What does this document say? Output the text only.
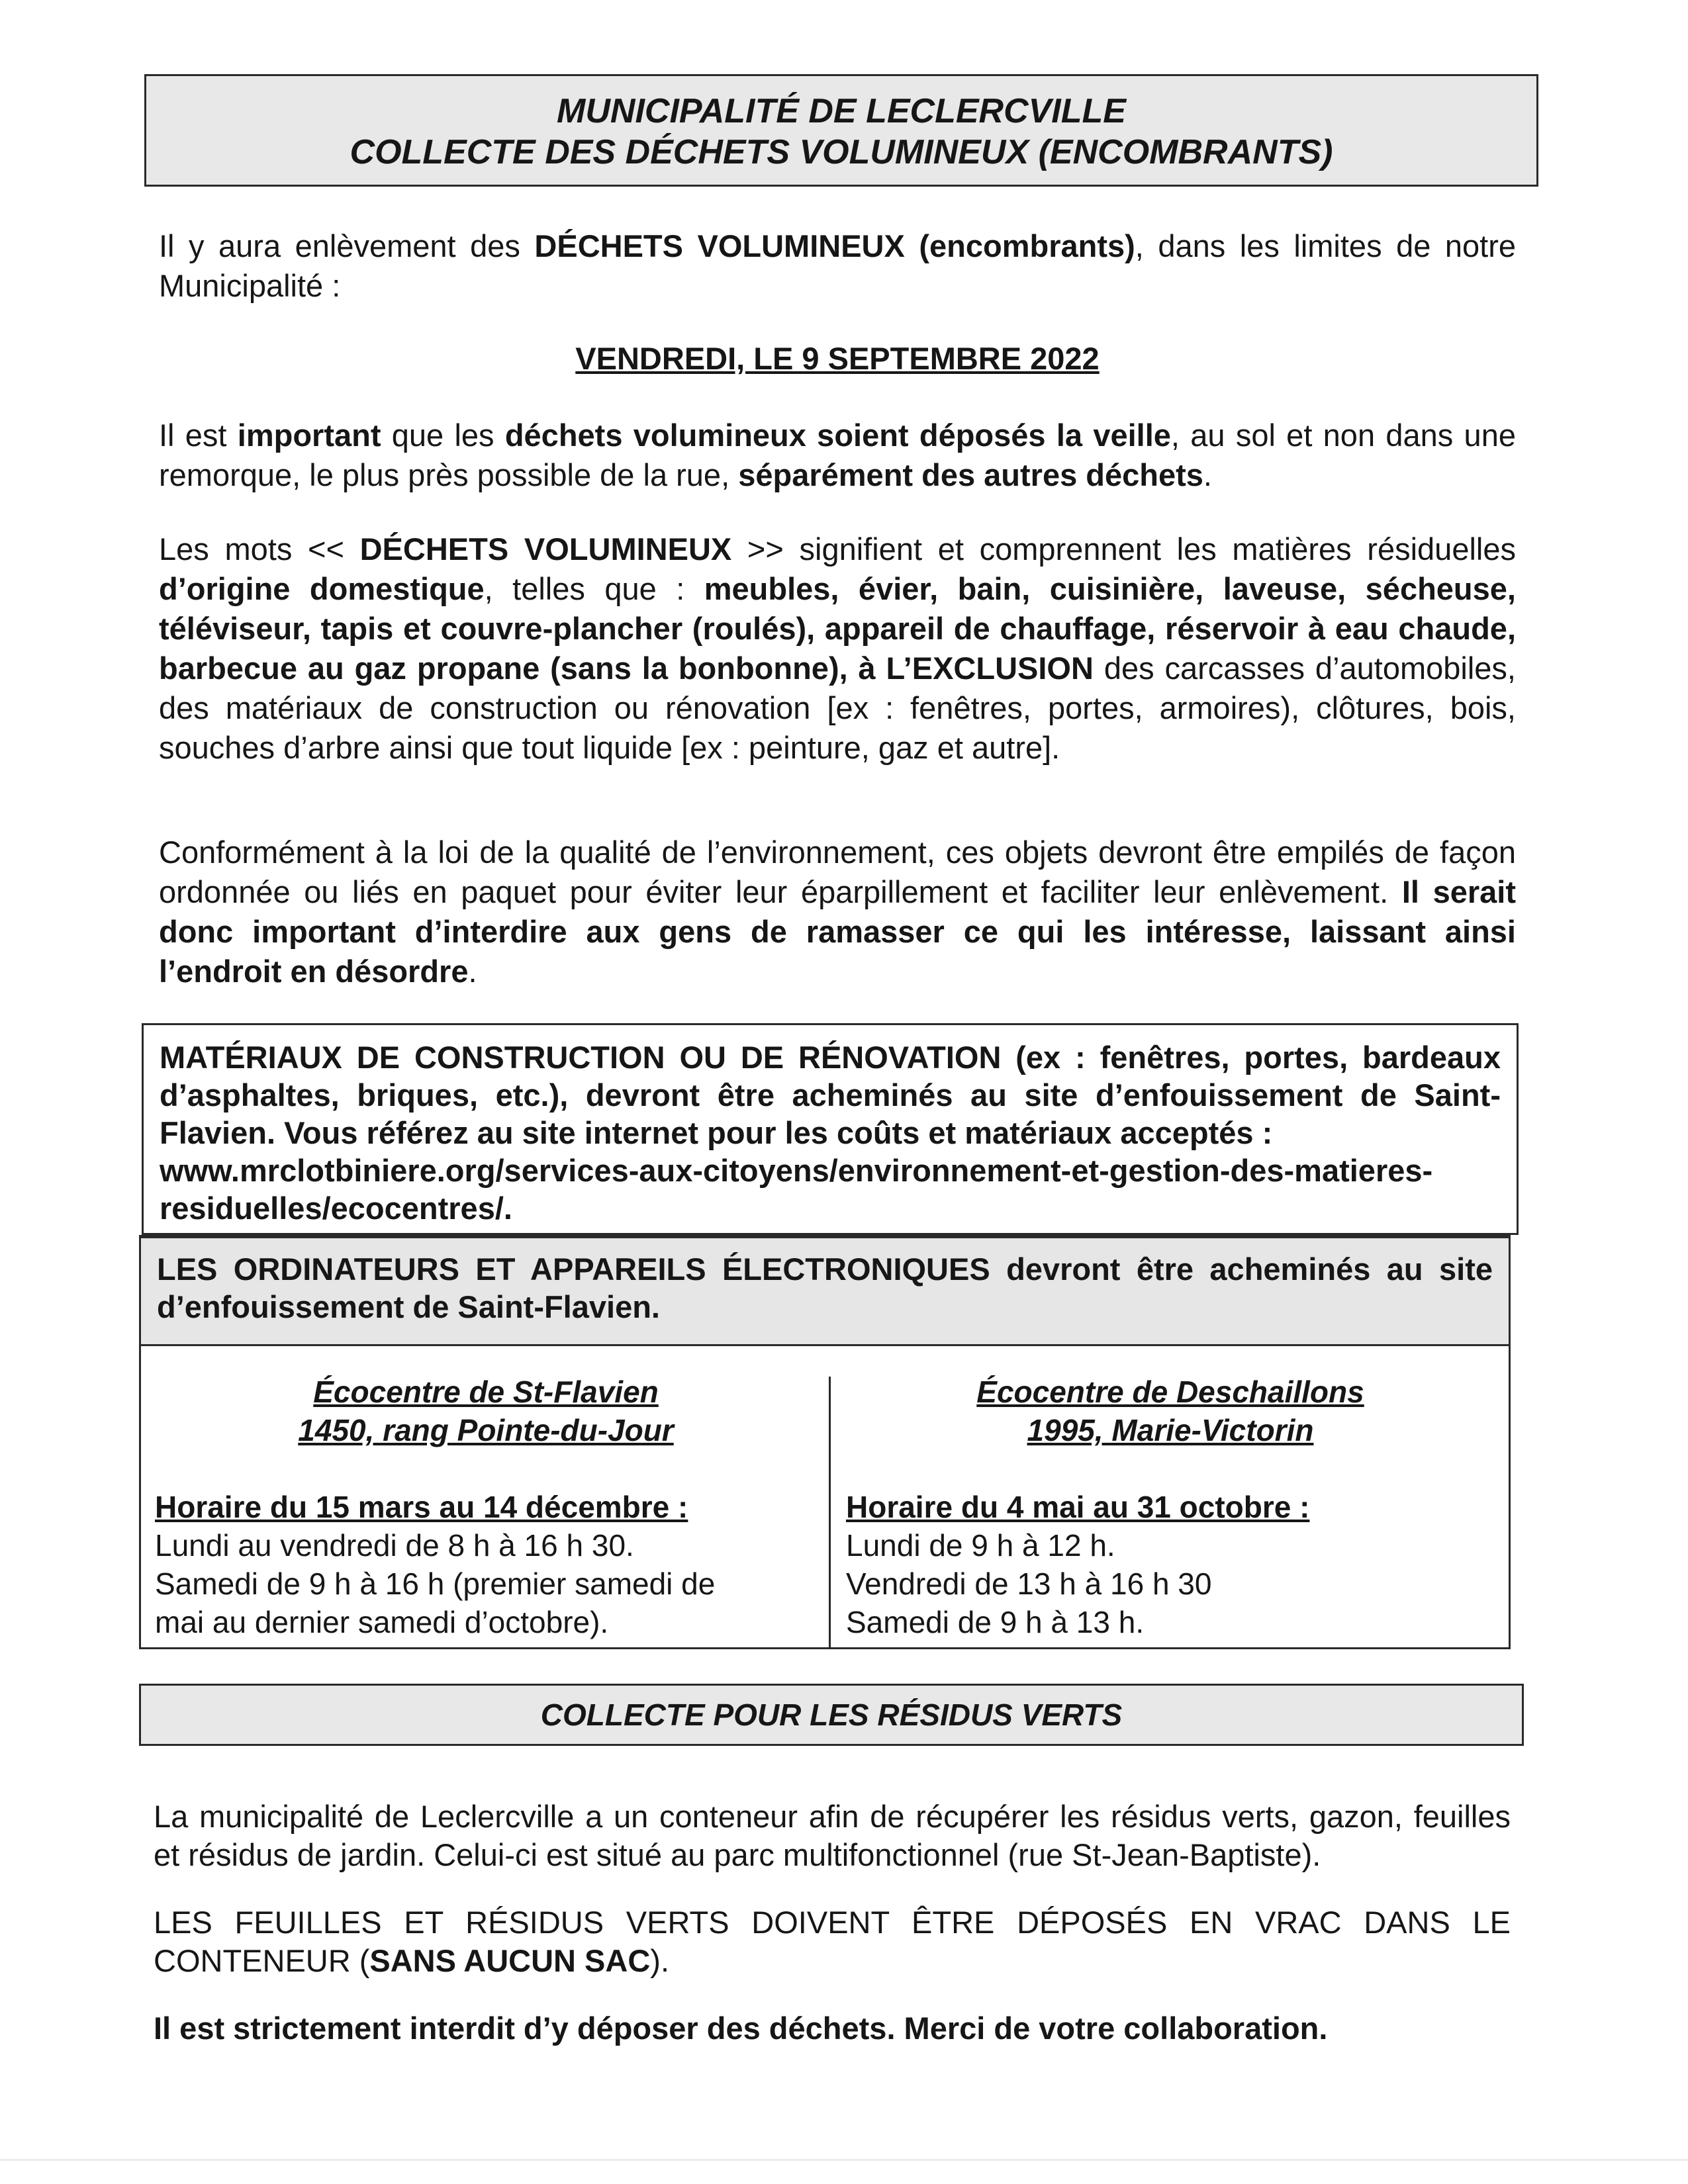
MUNICIPALITÉ DE LECLERCVILLE
COLLECTE DES DÉCHETS VOLUMINEUX (ENCOMBRANTS)

Il y aura enlèvement des DÉCHETS VOLUMINEUX (encombrants), dans les limites de notre Municipalité :

VENDREDI, LE 9 SEPTEMBRE 2022

Il est important que les déchets volumineux soient déposés la veille, au sol et non dans une remorque, le plus près possible de la rue, séparément des autres déchets.

Les mots << DÉCHETS VOLUMINEUX >> signifient et comprennent les matières résiduelles d’origine domestique, telles que : meubles, évier, bain, cuisinière, laveuse, sécheuse, téléviseur, tapis et couvre-plancher (roulés), appareil de chauffage, réservoir à eau chaude, barbecue au gaz propane (sans la bonbonne), à L’EXCLUSION des carcasses d’automobiles, des matériaux de construction ou rénovation [ex : fenêtres, portes, armoires), clôtures, bois, souches d’arbre ainsi que tout liquide [ex : peinture, gaz et autre].

Conformément à la loi de la qualité de l’environnement, ces objets devront être empilés de façon ordonnée ou liés en paquet pour éviter leur éparpillement et faciliter leur enlèvement. Il serait donc important d’interdire aux gens de ramasser ce qui les intéresse, laissant ainsi l’endroit en désordre.

MATÉRIAUX DE CONSTRUCTION OU DE RÉNOVATION (ex : fenêtres, portes, bardeaux d’asphaltes, briques, etc.), devront être acheminés au site d’enfouissement de Saint-Flavien. Vous référez au site internet pour les coûts et matériaux acceptés :
www.mrclotbiniere.org/services-aux-citoyens/environnement-et-gestion-des-matieres-
residuelles/ecocentres/.
LES ORDINATEURS ET APPAREILS ÉLECTRONIQUES devront être acheminés au site d’enfouissement de Saint-Flavien.
Écocentre de St-Flavien
1450, rang Pointe-du-Jour
Horaire du 15 mars au 14 décembre :
Lundi au vendredi de 8 h à 16 h 30.
Samedi de 9 h à 16 h (premier samedi de
mai au dernier samedi d’octobre).
Écocentre de Deschaillons
1995, Marie-Victorin
Horaire du 4 mai au 31 octobre :
Lundi de 9 h à 12 h.
Vendredi de 13 h à 16 h 30
Samedi de 9 h à 13 h.
COLLECTE POUR LES RÉSIDUS VERTS

La municipalité de Leclercville a un conteneur afin de récupérer les résidus verts, gazon, feuilles et résidus de jardin. Celui-ci est situé au parc multifonctionnel (rue St-Jean-Baptiste).

LES FEUILLES ET RÉSIDUS VERTS DOIVENT ÊTRE DÉPOSÉS EN VRAC DANS LE CONTENEUR (SANS AUCUN SAC).

Il est strictement interdit d’y déposer des déchets. Merci de votre collaboration.
